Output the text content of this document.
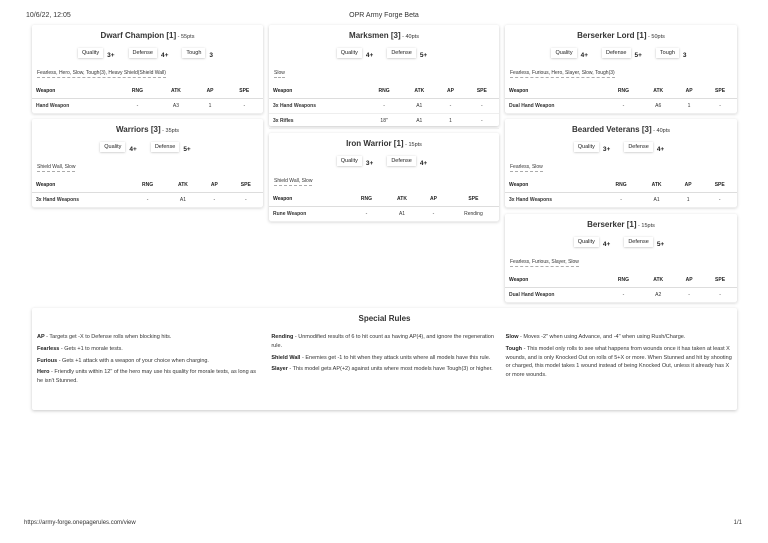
10/6/22, 12:05	OPR Army Forge Beta
Dwarf Champion [1] - 55pts
Quality	3+	Defense	4+	Tough	3
Fearless, Hero, Slow, Tough(3), Heavy Shield(Shield Wall)
Weapon	RNG	ATK	AP	SPE
Hand Weapon	-	A3	1	-
Marksmen [3] - 40pts
Quality	4+	Defense	5+
Slow
Weapon	RNG	ATK	AP	SPE
3x Hand Weapons	-	A1	-	-
3x Rifles	18"	A1	1	-
Berserker Lord [1] - 50pts
Quality	4+	Defense	5+	Tough	3
Fearless, Furious, Hero, Slayer, Slow, Tough(3)
Weapon	RNG	ATK	AP	SPE
Dual Hand Weapon	-	A6	1	-
Warriors [3] - 35pts
Quality	4+	Defense	5+
Shield Wall, Slow
Weapon	RNG	ATK	AP	SPE
3x Hand Weapons	-	A1	-	-
Iron Warrior [1] - 15pts
Quality	3+	Defense	4+
Shield Wall, Slow
Weapon	RNG	ATK	AP	SPE
Rune Weapon	-	A1	-	Rending
Bearded Veterans [3] - 40pts
Quality	3+	Defense	4+
Fearless, Slow
Weapon	RNG	ATK	AP	SPE
3x Hand Weapons	-	A1	1	-
Berserker [1] - 15pts
Quality	4+	Defense	5+
Fearless, Furious, Slayer, Slow
Weapon	RNG	ATK	AP	SPE
Dual Hand Weapon	-	A2	-	-
Special Rules

AP - Targets get -X to Defense rolls when blocking hits.

Fearless - Gets +1 to morale tests.

Furious - Gets +1 attack with a weapon of your choice when charging.

Hero - Friendly units within 12" of the hero may use his quality for morale tests, as long as he isn't Stunned.

Rending - Unmodified results of 6 to hit count as having AP(4), and ignore the regeneration rule.

Shield Wall - Enemies get -1 to hit when they attack units where all models have this rule.

Slayer - This model gets AP(+2) against units where most models have Tough(3) or higher.

Slow - Moves -2" when using Advance, and -4" when using Rush/Charge.

Tough - This model only rolls to see what happens from wounds once it has taken at least X wounds, and is only Knocked Out on rolls of 5+X or more. When Stunned and hit by shooting or charged, this model takes 1 wound instead of being Knocked Out, unless it already has X or more wounds.

https://army-forge.onepagerules.com/view	1/1
